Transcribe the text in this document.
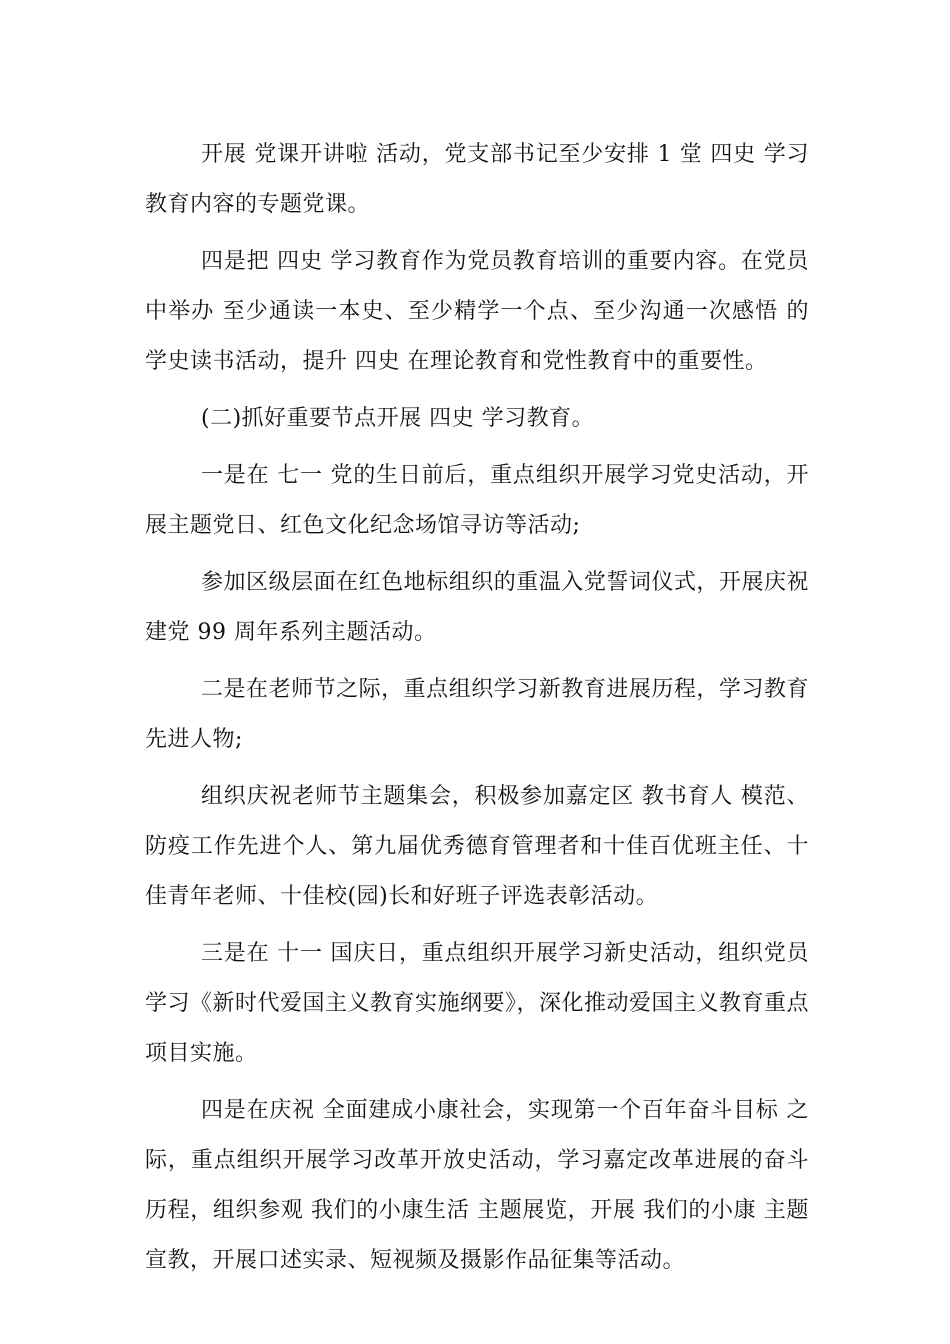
开展 党课开讲啦 活动，党支部书记至少安排 1 堂 四史 学习教育内容的专题党课。

四是把 四史 学习教育作为党员教育培训的重要内容。在党员中举办 至少通读一本史、至少精学一个点、至少沟通一次感悟 的学史读书活动，提升 四史 在理论教育和党性教育中的重要性。

(二)抓好重要节点开展 四史 学习教育。

一是在 七一 党的生日前后，重点组织开展学习党史活动，开展主题党日、红色文化纪念场馆寻访等活动;

参加区级层面在红色地标组织的重温入党誓词仪式，开展庆祝建党 99 周年系列主题活动。

二是在老师节之际，重点组织学习新教育进展历程，学习教育先进人物;

组织庆祝老师节主题集会，积极参加嘉定区 教书育人 模范、防疫工作先进个人、第九届优秀德育管理者和十佳百优班主任、十佳青年老师、十佳校(园)长和好班子评选表彰活动。

三是在 十一 国庆日，重点组织开展学习新史活动，组织党员学习《新时代爱国主义教育实施纲要》，深化推动爱国主义教育重点项目实施。

四是在庆祝 全面建成小康社会，实现第一个百年奋斗目标 之际，重点组织开展学习改革开放史活动，学习嘉定改革进展的奋斗历程，组织参观 我们的小康生活 主题展览，开展 我们的小康 主题宣教，开展口述实录、短视频及摄影作品征集等活动。
